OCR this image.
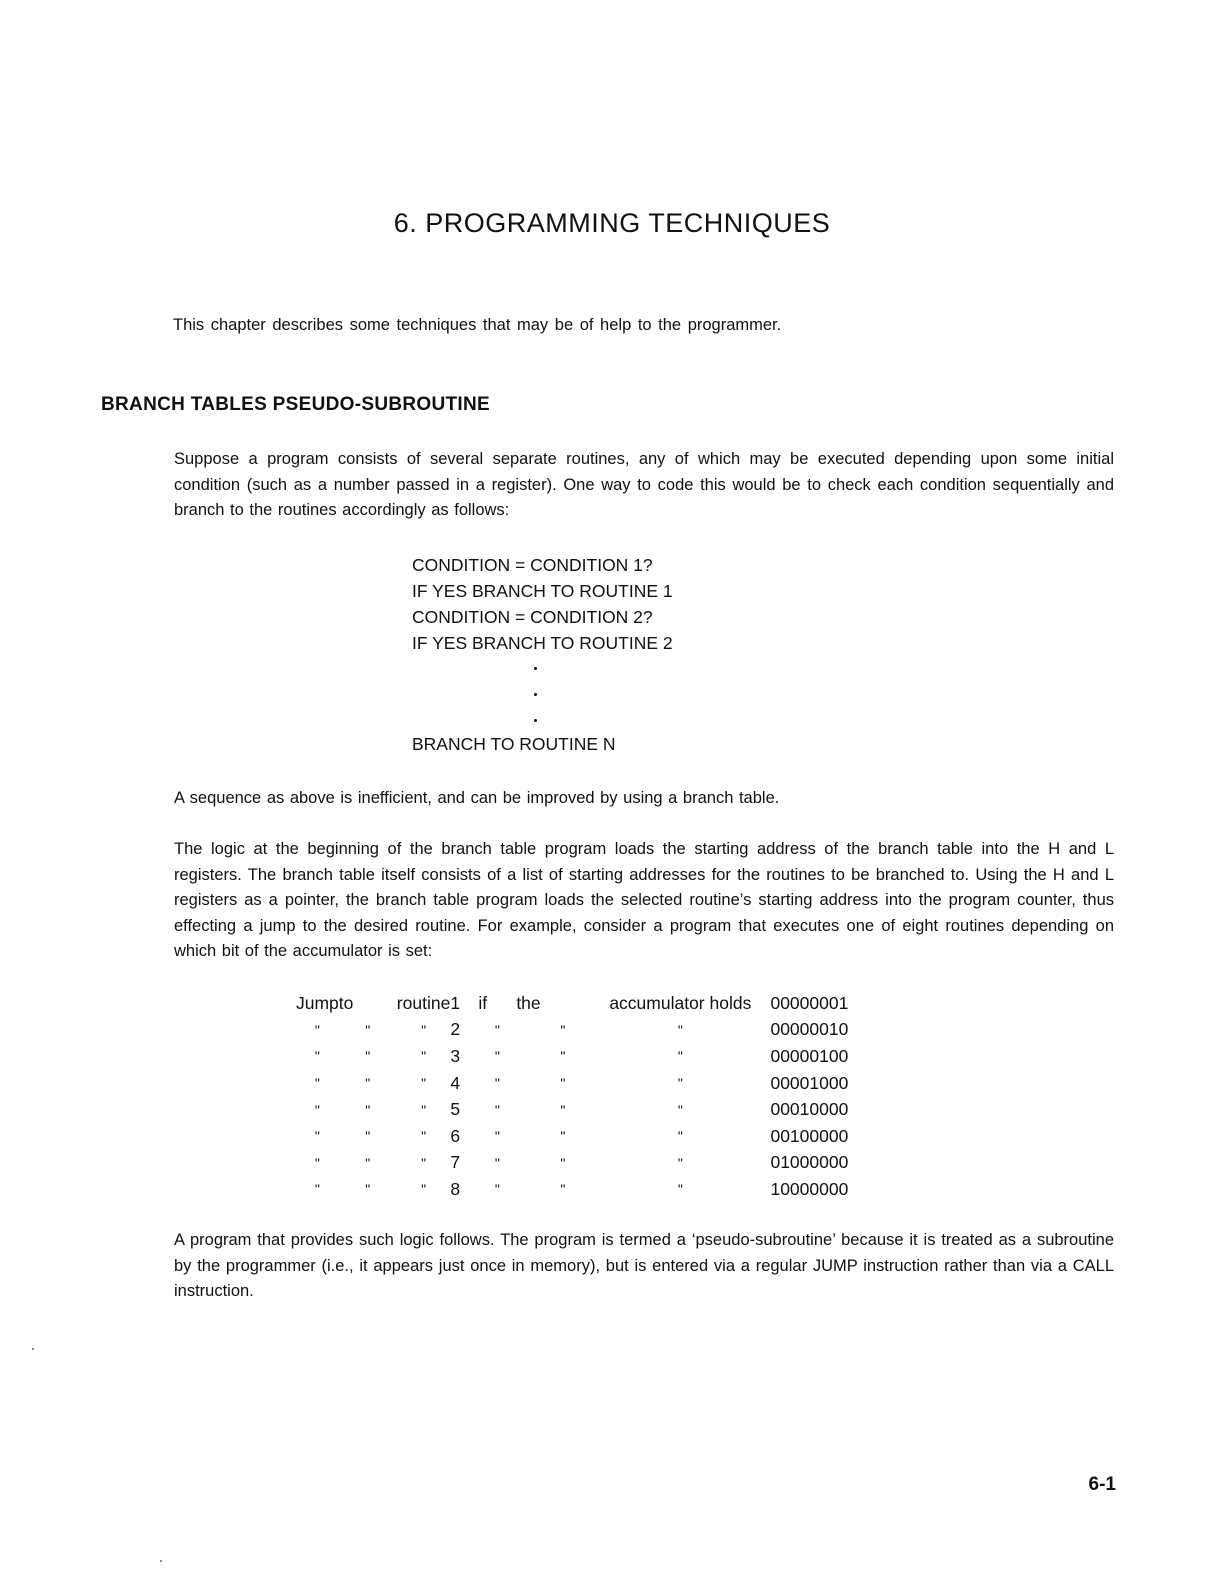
6. PROGRAMMING TECHNIQUES

This chapter describes some techniques that may be of help to the programmer.

BRANCH TABLES PSEUDO-SUBROUTINE

Suppose a program consists of several separate routines, any of which may be executed depending upon some initial condition (such as a number passed in a register). One way to code this would be to check each condition sequentially and branch to the routines accordingly as follows:

CONDITION = CONDITION 1?
IF YES BRANCH TO ROUTINE 1
CONDITION = CONDITION 2?
IF YES BRANCH TO ROUTINE 2
BRANCH TO ROUTINE N

A sequence as above is inefficient, and can be improved by using a branch table.

The logic at the beginning of the branch table program loads the starting address of the branch table into the H and L registers. The branch table itself consists of a list of starting addresses for the routines to be branched to. Using the H and L registers as a pointer, the branch table program loads the selected routine’s starting address into the program counter, thus effecting a jump to the desired routine. For example, consider a program that executes one of eight routines depending on which bit of the accumulator is set:

Jump	to	routine	1	if	the	accumulator holds	00000001
"	"	"	2	"	"	"	00000010
"	"	"	3	"	"	"	00000100
"	"	"	4	"	"	"	00001000
"	"	"	5	"	"	"	00010000
"	"	"	6	"	"	"	00100000
"	"	"	7	"	"	"	01000000
"	"	"	8	"	"	"	10000000

A program that provides such logic follows. The program is termed a ‘pseudo-subroutine’ because it is treated as a subroutine by the programmer (i.e., it appears just once in memory), but is entered via a regular JUMP instruction rather than via a CALL instruction.

6-1
